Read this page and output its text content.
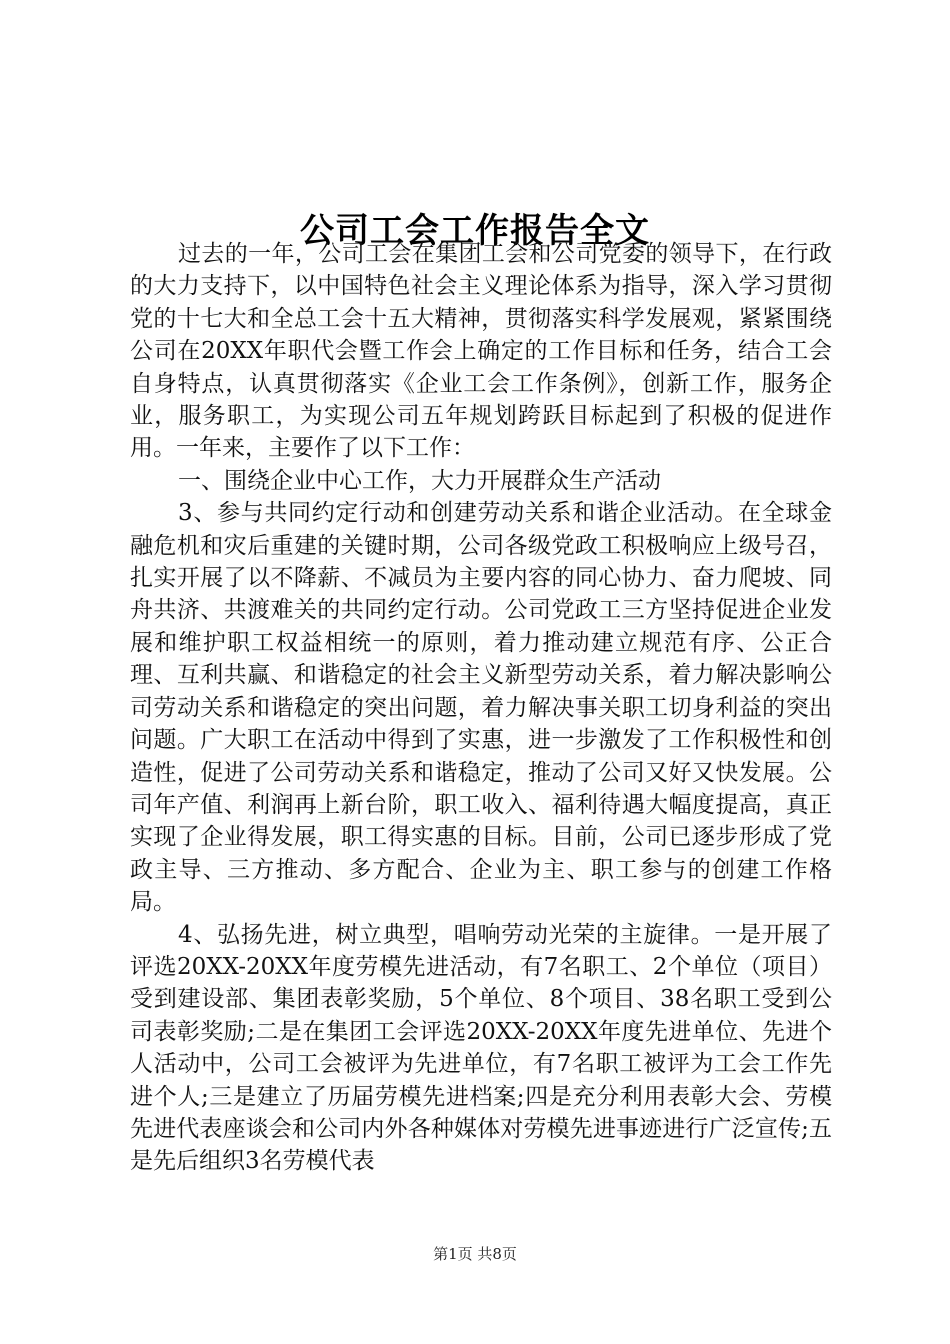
公司工会工作报告全文

过去的一年，公司工会在集团工会和公司党委的领导下，在行政的大力支持下，以中国特色社会主义理论体系为指导，深入学习贯彻党的十七大和全总工会十五大精神，贯彻落实科学发展观，紧紧围绕公司在20XX年职代会暨工作会上确定的工作目标和任务，结合工会自身特点，认真贯彻落实《企业工会工作条例》，创新工作，服务企业，服务职工，为实现公司五年规划跨跃目标起到了积极的促进作用。一年来，主要作了以下工作：

一、围绕企业中心工作，大力开展群众生产活动

3、参与共同约定行动和创建劳动关系和谐企业活动。在全球金融危机和灾后重建的关键时期，公司各级党政工积极响应上级号召，扎实开展了以不降薪、不减员为主要内容的同心协力、奋力爬坡、同舟共济、共渡难关的共同约定行动。公司党政工三方坚持促进企业发展和维护职工权益相统一的原则，着力推动建立规范有序、公正合理、互利共赢、和谐稳定的社会主义新型劳动关系，着力解决影响公司劳动关系和谐稳定的突出问题，着力解决事关职工切身利益的突出问题。广大职工在活动中得到了实惠，进一步激发了工作积极性和创造性，促进了公司劳动关系和谐稳定，推动了公司又好又快发展。公司年产值、利润再上新台阶，职工收入、福利待遇大幅度提高，真正实现了企业得发展，职工得实惠的目标。目前，公司已逐步形成了党政主导、三方推动、多方配合、企业为主、职工参与的创建工作格局。

4、弘扬先进，树立典型，唱响劳动光荣的主旋律。一是开展了评选20XX-20XX年度劳模先进活动，有7名职工、2个单位（项目）受到建设部、集团表彰奖励，5个单位、8个项目、38名职工受到公司表彰奖励;二是在集团工会评选20XX-20XX年度先进单位、先进个人活动中，公司工会被评为先进单位，有7名职工被评为工会工作先进个人;三是建立了历届劳模先进档案;四是充分利用表彰大会、劳模先进代表座谈会和公司内外各种媒体对劳模先进事迹进行广泛宣传;五是先后组织3名劳模代表

第1页 共8页
